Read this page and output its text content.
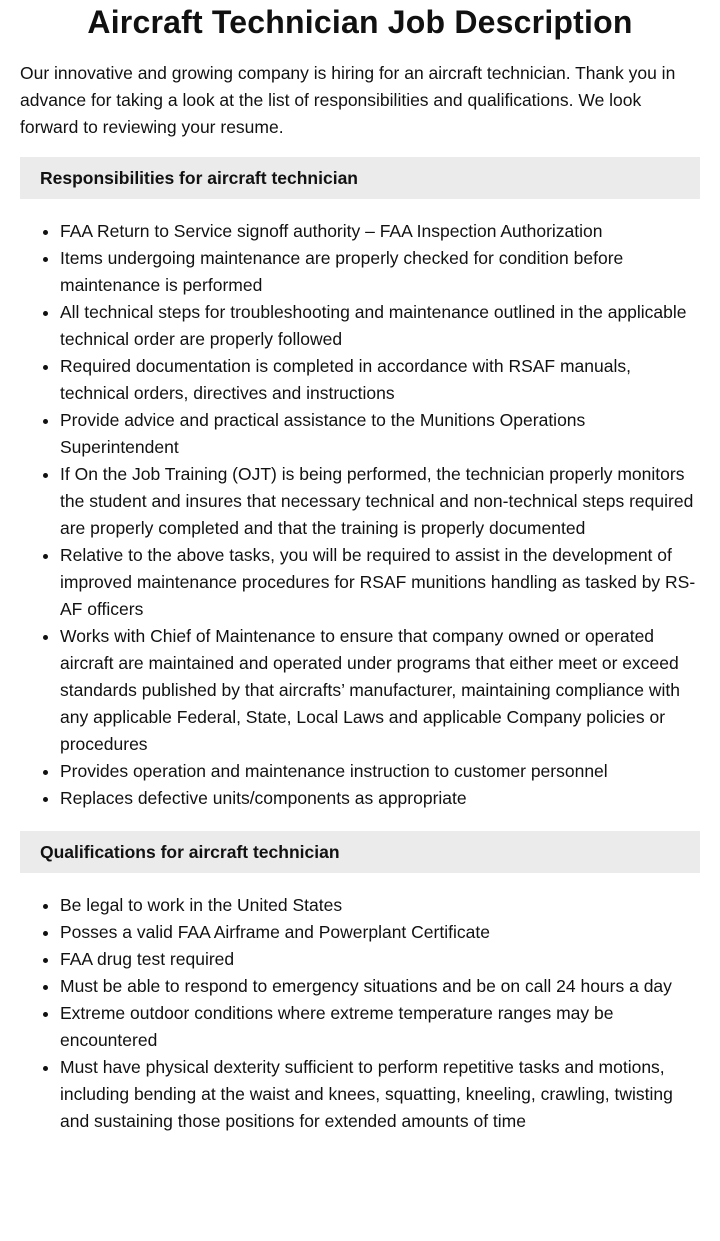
Aircraft Technician Job Description

Our innovative and growing company is hiring for an aircraft technician. Thank you in advance for taking a look at the list of responsibilities and qualifications. We look forward to reviewing your resume.

Responsibilities for aircraft technician
• FAA Return to Service signoff authority – FAA Inspection Authorization
• Items undergoing maintenance are properly checked for condition before maintenance is performed
• All technical steps for troubleshooting and maintenance outlined in the applicable technical order are properly followed
• Required documentation is completed in accordance with RSAF manuals, technical orders, directives and instructions
• Provide advice and practical assistance to the Munitions Operations Superintendent
• If On the Job Training (OJT) is being performed, the technician properly monitors the student and insures that necessary technical and non-technical steps required are properly completed and that the training is properly documented
• Relative to the above tasks, you will be required to assist in the development of improved maintenance procedures for RSAF munitions handling as tasked by RS-AF officers
• Works with Chief of Maintenance to ensure that company owned or operated aircraft are maintained and operated under programs that either meet or exceed standards published by that aircrafts’ manufacturer, maintaining compliance with any applicable Federal, State, Local Laws and applicable Company policies or procedures
• Provides operation and maintenance instruction to customer personnel
• Replaces defective units/components as appropriate
Qualifications for aircraft technician
• Be legal to work in the United States
• Posses a valid FAA Airframe and Powerplant Certificate
• FAA drug test required
• Must be able to respond to emergency situations and be on call 24 hours a day
• Extreme outdoor conditions where extreme temperature ranges may be encountered
• Must have physical dexterity sufficient to perform repetitive tasks and motions, including bending at the waist and knees, squatting, kneeling, crawling, twisting and sustaining those positions for extended amounts of time
